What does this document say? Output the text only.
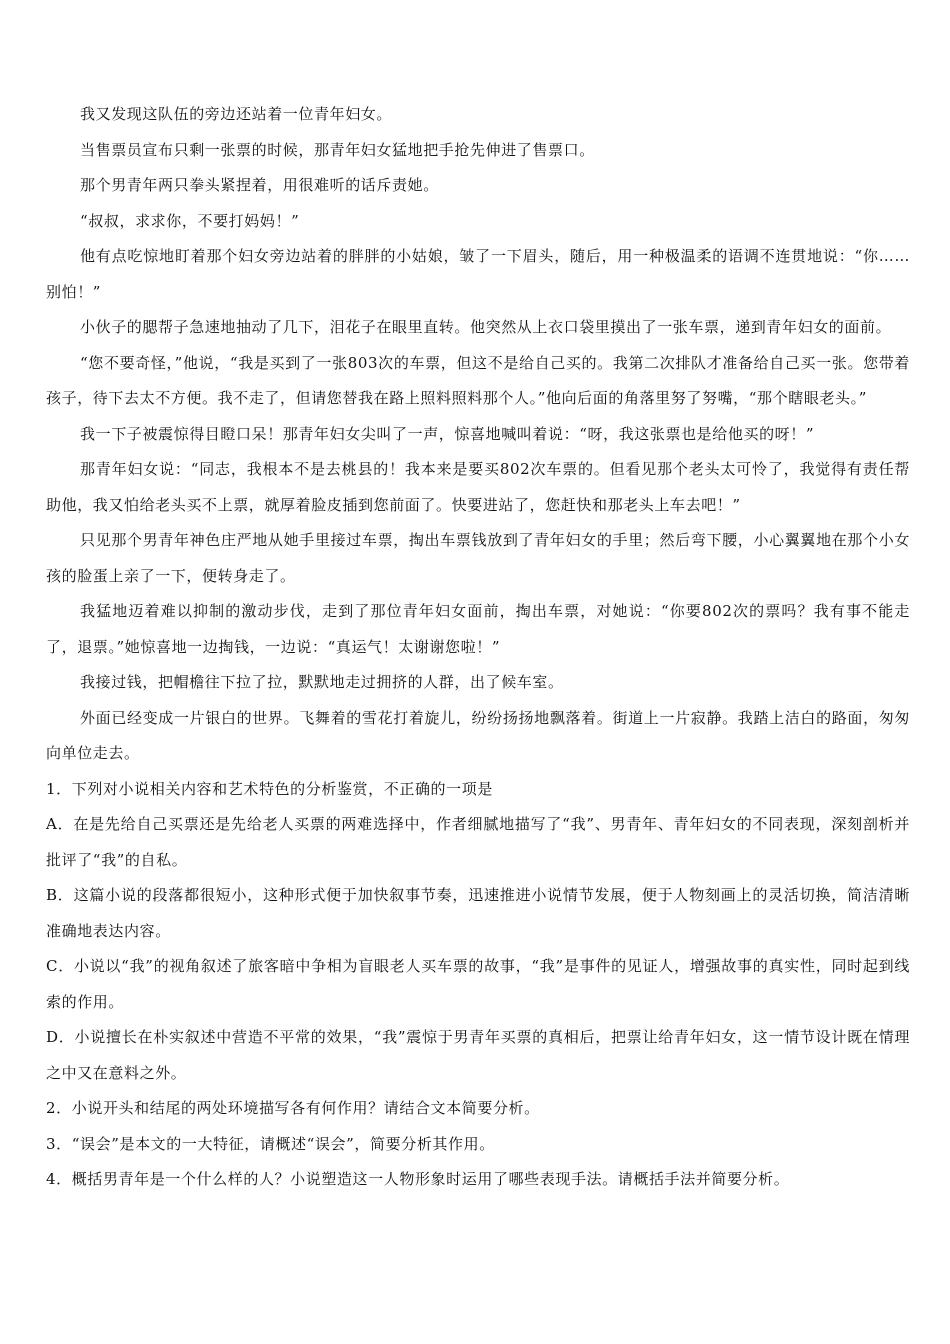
我又发现这队伍的旁边还站着一位青年妇女。

当售票员宣布只剩一张票的时候，那青年妇女猛地把手抢先伸进了售票口。

那个男青年两只拳头紧捏着，用很难听的话斥责她。

“叔叔，求求你，不要打妈妈！”

他有点吃惊地盯着那个妇女旁边站着的胖胖的小姑娘，皱了一下眉头，随后，用一种极温柔的语调不连贯地说：“你……别怕！”

小伙子的腮帮子急速地抽动了几下，泪花子在眼里直转。他突然从上衣口袋里摸出了一张车票，递到青年妇女的面前。

“您不要奇怪，”他说，“我是买到了一张803次的车票，但这不是给自己买的。我第二次排队才准备给自己买一张。您带着孩子，待下去太不方便。我不走了，但请您替我在路上照料照料那个人。”他向后面的角落里努了努嘴，“那个瞎眼老头。”

我一下子被震惊得目瞪口呆！那青年妇女尖叫了一声，惊喜地喊叫着说：“呀，我这张票也是给他买的呀！”

那青年妇女说：“同志，我根本不是去桃县的！我本来是要买802次车票的。但看见那个老头太可怜了，我觉得有责任帮助他，我又怕给老头买不上票，就厚着脸皮插到您前面了。快要进站了，您赶快和那老头上车去吧！”

只见那个男青年神色庄严地从她手里接过车票，掏出车票钱放到了青年妇女的手里；然后弯下腰，小心翼翼地在那个小女孩的脸蛋上亲了一下，便转身走了。

我猛地迈着难以抑制的激动步伐，走到了那位青年妇女面前，掏出车票，对她说：“你要802次的票吗？我有事不能走了，退票。”她惊喜地一边掏钱，一边说：“真运气！太谢谢您啦！”

我接过钱，把帽檐往下拉了拉，默默地走过拥挤的人群，出了候车室。

外面已经变成一片银白的世界。飞舞着的雪花打着旋儿，纷纷扬扬地飘落着。街道上一片寂静。我踏上洁白的路面，匆匆向单位走去。

1．下列对小说相关内容和艺术特色的分析鉴赏，不正确的一项是

A．在是先给自己买票还是先给老人买票的两难选择中，作者细腻地描写了“我”、男青年、青年妇女的不同表现，深刻剖析并批评了“我”的自私。

B．这篇小说的段落都很短小，这种形式便于加快叙事节奏，迅速推进小说情节发展，便于人物刻画上的灵活切换，简洁清晰准确地表达内容。

C．小说以“我”的视角叙述了旅客暗中争相为盲眼老人买车票的故事，“我”是事件的见证人，增强故事的真实性，同时起到线索的作用。

D．小说擅长在朴实叙述中营造不平常的效果，“我”震惊于男青年买票的真相后，把票让给青年妇女，这一情节设计既在情理之中又在意料之外。

2．小说开头和结尾的两处环境描写各有何作用？请结合文本简要分析。

3．“误会”是本文的一大特征，请概述“误会”，简要分析其作用。

4．概括男青年是一个什么样的人？小说塑造这一人物形象时运用了哪些表现手法。请概括手法并简要分析。
